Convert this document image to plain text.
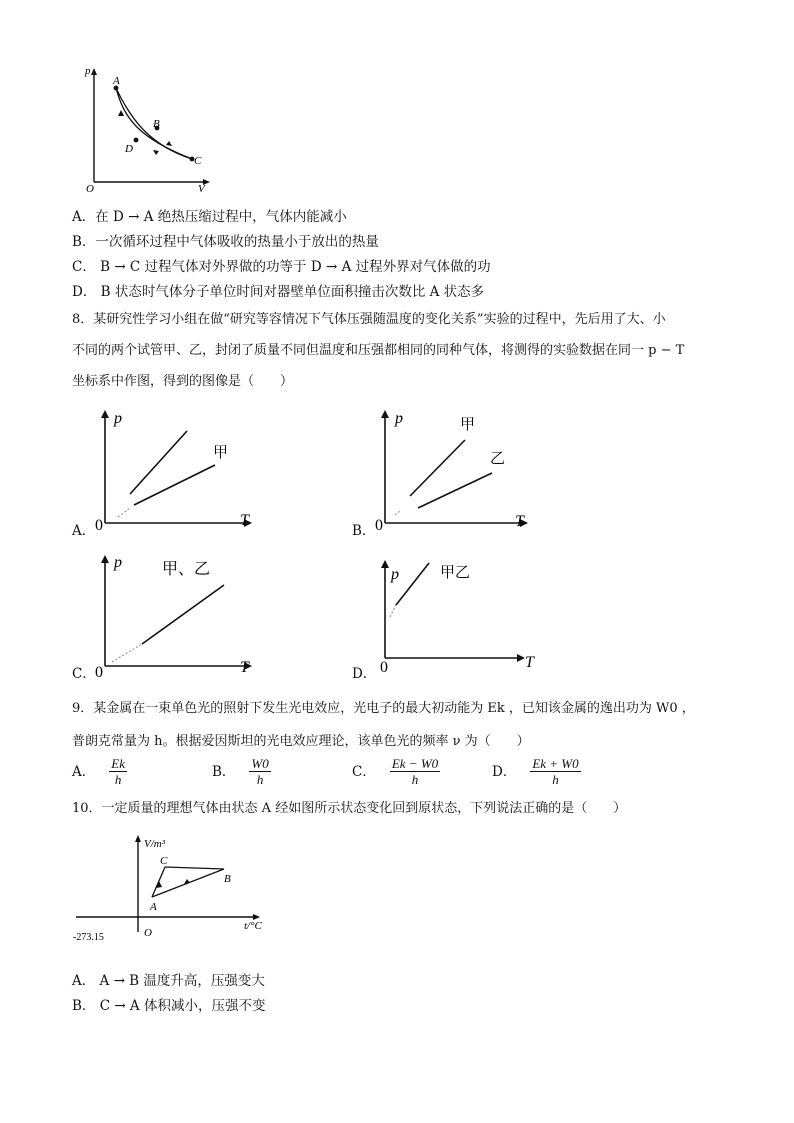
p
V
O
A
B
C
D
A．在 D → A 绝热压缩过程中，气体内能减小
B．一次循环过程中气体吸收的热量小于放出的热量
C． B → C 过程气体对外界做的功等于 D → A 过程外界对气体做的功
D． B 状态时气体分子单位时间对器壁单位面积撞击次数比 A 状态多
8．某研究性学习小组在做“研究等容情况下气体压强随温度的变化关系”实验的过程中，先后用了大、小
不同的两个试管甲、乙，封闭了质量不同但温度和压强都相同的同种气体，将测得的实验数据在同一 p − T
坐标系中作图，得到的图像是（　　）
A．
p
T
0
甲
B．
p
T
0
甲
乙
C．
p
T
0
甲、乙
D．
p
T
0
甲乙
9．某金属在一束单色光的照射下发生光电效应，光电子的最大初动能为 Ek ，已知该金属的逸出功为 W0 ，
普朗克常量为 h。根据爱因斯坦的光电效应理论，该单色光的频率 ν 为（　　）
A． $\frac{Ek}{h}$	B． $\frac{W0}{h}$	C． $\frac{Ek - W0}{h}$	D． $\frac{Ek + W0}{h}$
10．一定质量的理想气体由状态 A 经如图所示状态变化回到原状态，下列说法正确的是（　　）
V/m³
t/°C
O
-273.15
A
B
C
A． A → B 温度升高，压强变大
B． C → A 体积减小，压强不变
